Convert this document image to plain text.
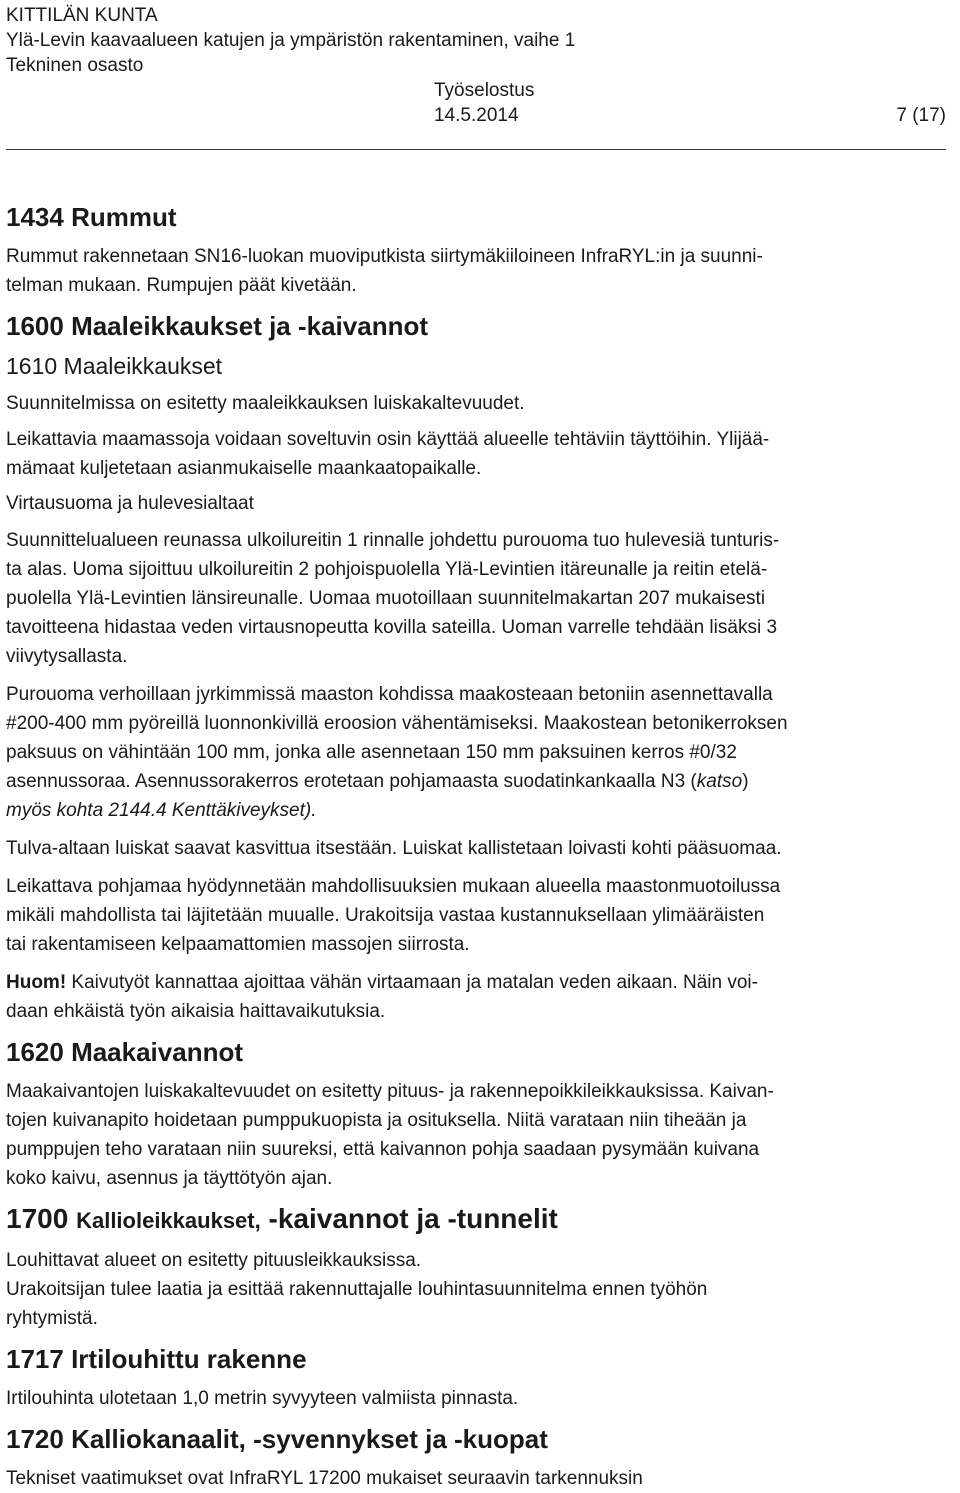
KITTILÄN KUNTA
Ylä-Levin kaavaalueen katujen ja ympäristön rakentaminen, vaihe 1
Tekninen osasto
Työselostus
14.5.2014	7 (17)
1434 Rummut

Rummut rakennetaan SN16-luokan muoviputkista siirtymäkiiloineen InfraRYL:in ja suunni-

telman mukaan. Rumpujen päät kivetään.

1600 Maaleikkaukset ja -kaivannot
1610 Maaleikkaukset

Suunnitelmissa on esitetty maaleikkauksen luiskakaltevuudet.

Leikattavia maamassoja voidaan soveltuvin osin käyttää alueelle tehtäviin täyttöihin. Ylijää-

mämaat kuljetetaan asianmukaiselle maankaatopaikalle.

Virtausuoma ja hulevesialtaat

Suunnittelualueen reunassa ulkoilureitin 1 rinnalle johdettu purouoma tuo hulevesiä tunturis-

ta alas. Uoma sijoittuu ulkoilureitin 2 pohjoispuolella Ylä-Levintien itäreunalle ja reitin etelä-

puolella Ylä-Levintien länsireunalle. Uomaa muotoillaan suunnitelmakartan 207 mukaisesti

tavoitteena hidastaa veden virtausnopeutta kovilla sateilla. Uoman varrelle tehdään lisäksi 3

viivytysallasta.

Purouoma verhoillaan jyrkimmissä maaston kohdissa maakosteaan betoniin asennettavalla

#200-400 mm pyöreillä luonnonkivillä eroosion vähentämiseksi. Maakostean betonikerroksen

paksuus on vähintään 100 mm, jonka alle asennetaan 150 mm paksuinen kerros #0/32

asennussoraa. Asennussorakerros erotetaan pohjamaasta suodatinkankaalla N3 (katso)

myös kohta 2144.4 Kenttäkiveykset).

Tulva-altaan luiskat saavat kasvittua itsestään. Luiskat kallistetaan loivasti kohti pääsuomaa.

Leikattava pohjamaa hyödynnetään mahdollisuuksien mukaan alueella maastonmuotoilussa

mikäli mahdollista tai läjitetään muualle. Urakoitsija vastaa kustannuksellaan ylimääräisten

tai rakentamiseen kelpaamattomien massojen siirrosta.

Huom! Kaivutyöt kannattaa ajoittaa vähän virtaamaan ja matalan veden aikaan. Näin voi-

daan ehkäistä työn aikaisia haittavaikutuksia.

1620 Maakaivannot

Maakaivantojen luiskakaltevuudet on esitetty pituus- ja rakennepoikkileikkauksissa. Kaivan-

tojen kuivanapito hoidetaan pumppukuopista ja osituksella. Niitä varataan niin tiheään ja

pumppujen teho varataan niin suureksi, että kaivannon pohja saadaan pysymään kuivana

koko kaivu, asennus ja täyttötyön ajan.

1700 Kallioleikkaukset, -kaivannot ja -tunnelit

Louhittavat alueet on esitetty pituusleikkauksissa.

Urakoitsijan tulee laatia ja esittää rakennuttajalle louhintasuunnitelma ennen työhön

ryhtymistä.

1717 Irtilouhittu rakenne

Irtilouhinta ulotetaan 1,0 metrin syvyyteen valmiista pinnasta.

1720 Kalliokanaalit, -syvennykset ja -kuopat

Tekniset vaatimukset ovat InfraRYL 17200 mukaiset seuraavin tarkennuksin
